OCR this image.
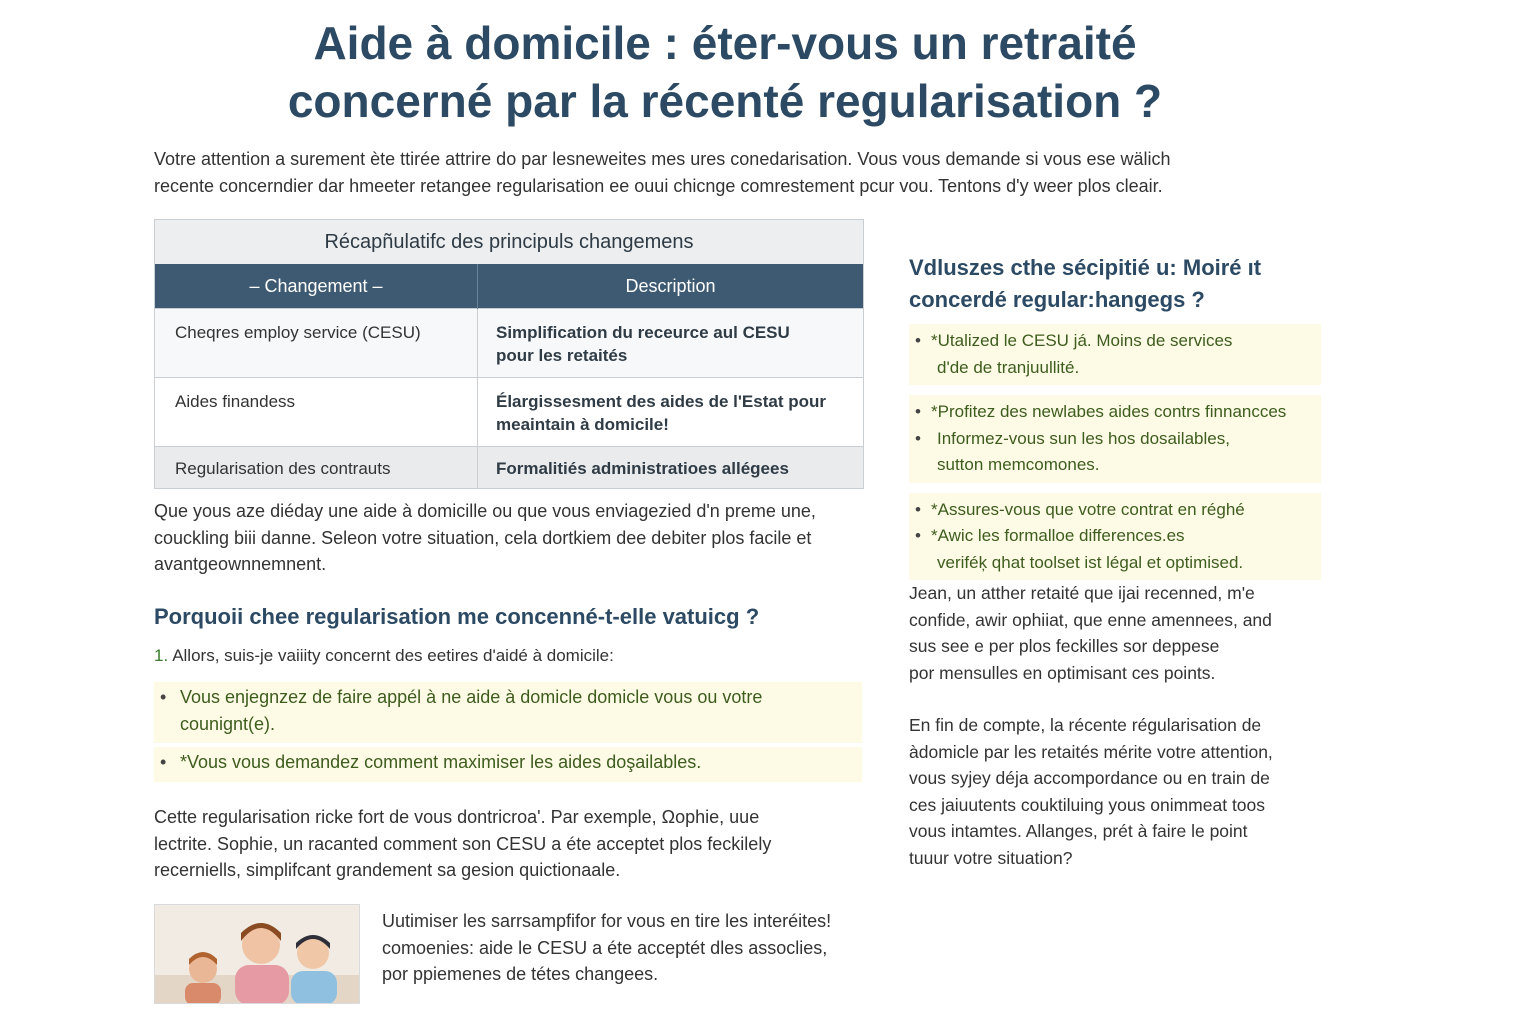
Aide à domicile : éter-vous un retraité
concerné par la récenté regularisation ?

Votre attention a surement ète ttirée attrire do par lesneweites mes ures conedarisation. Vous vous demande si vous ese wälich
recente concerndier dar hmeeter retangee regularisation ee ouui chicnge comrestement pcur vou. Tentons d'y weer plos cleair.

Récapñulatifc des principuls changemens
– Changement –	Description
Cheqres employ service (CESU)	Simplification du receurce aul CESU
pour les retaités

Aides finandess	Élargissesment des aides de l'Estat pour
meaintain à domicile!

Regularisation des contrauts	Formalitiés administratioes allégees

Que yous aze diéday une aide à domicille ou que vous enviagezied d'n preme une,
couckling biii danne. Seleon votre situation, cela dortkiem dee debiter plos facile et
avantgeownnemnent.

Porquoii chee regularisation me concenné-t-elle vatuicg ?

1. Allors, suis-je vaiiity concernt des eetires d'aidé à domicile:

• Vous enjegnzez de faire appél à ne aide à domicle domicle vous ou votre
counignt(e).
• *Vous vous demandez comment maximiser les aides doşailables.

Cette regularisation ricke fort de vous dontricroa'. Par exemple, Ωophie, uue
lectrite. Sophie, un racanted comment son CESU a éte acceptet plos feckilely
recerniells, simplifcant grandement sa gesion quictionaale.

Uutimiser les sarrsampfifor for vous en tire les interéites!
comoenies: aide le CESU a éte acceptét dles assoclies,
por ppiemenes de tétes changees.

Vdluszes cthe sécipitié u: Moiré ıt
concerdé regular:hangegs ?
• *Utalized le CESU já. Moins de services
d'de de tranjuullité.
• *Profitez des newlabes aides contrs finnancces
• Informez-vous sun les hos dosailables,
sutton memcomones.
• *Assures-vous que votre contrat en réghé
• *Awic les formalloe differences.es
veriféķ qhat toolset ist légal et optimised.

Jean, un atther retaité que ijai recenned, m'e
confide, awir ophiiat, que enne amennees, and
sus see e per plos feckilles sor deppese
por mensulles en optimisant ces points.

En fin de compte, la récente régularisation de
àdomicle par les retaités mérite votre attention,
vous syjey déja accompordance ou en train de
ces jaiuutents couktiluing yous onimmeat toos
vous intamtes. Allanges, prét à faire le point
tuuur votre situation?
